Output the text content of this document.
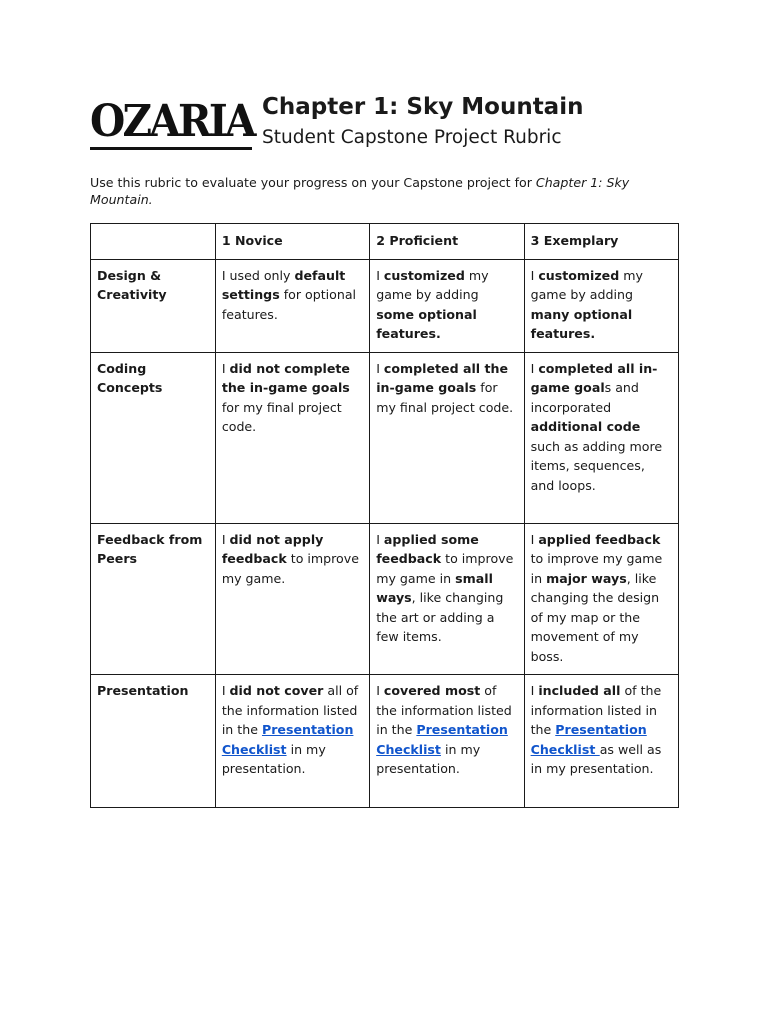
OZARIA Chapter 1: Sky Mountain
Student Capstone Project Rubric
Use this rubric to evaluate your progress on your Capstone project for Chapter 1: Sky Mountain.
	1 Novice	2 Proficient	3 Exemplary
Design & Creativity	I used only default settings for optional features.	I customized my game by adding some optional features.	I customized my game by adding many optional features.
Coding Concepts	I did not complete the in-game goals for my final project code.	I completed all the in-game goals for my final project code.	I completed all in-game goals and incorporated additional code such as adding more items, sequences, and loops.
Feedback from Peers	I did not apply feedback to improve my game.	I applied some feedback to improve my game in small ways, like changing the art or adding a few items.	I applied feedback to improve my game in major ways, like changing the design of my map or the movement of my boss.
Presentation	I did not cover all of the information listed in the Presentation Checklist in my presentation.	I covered most of the information listed in the Presentation Checklist in my presentation.	I included all of the information listed in the Presentation Checklist as well as in my presentation.
